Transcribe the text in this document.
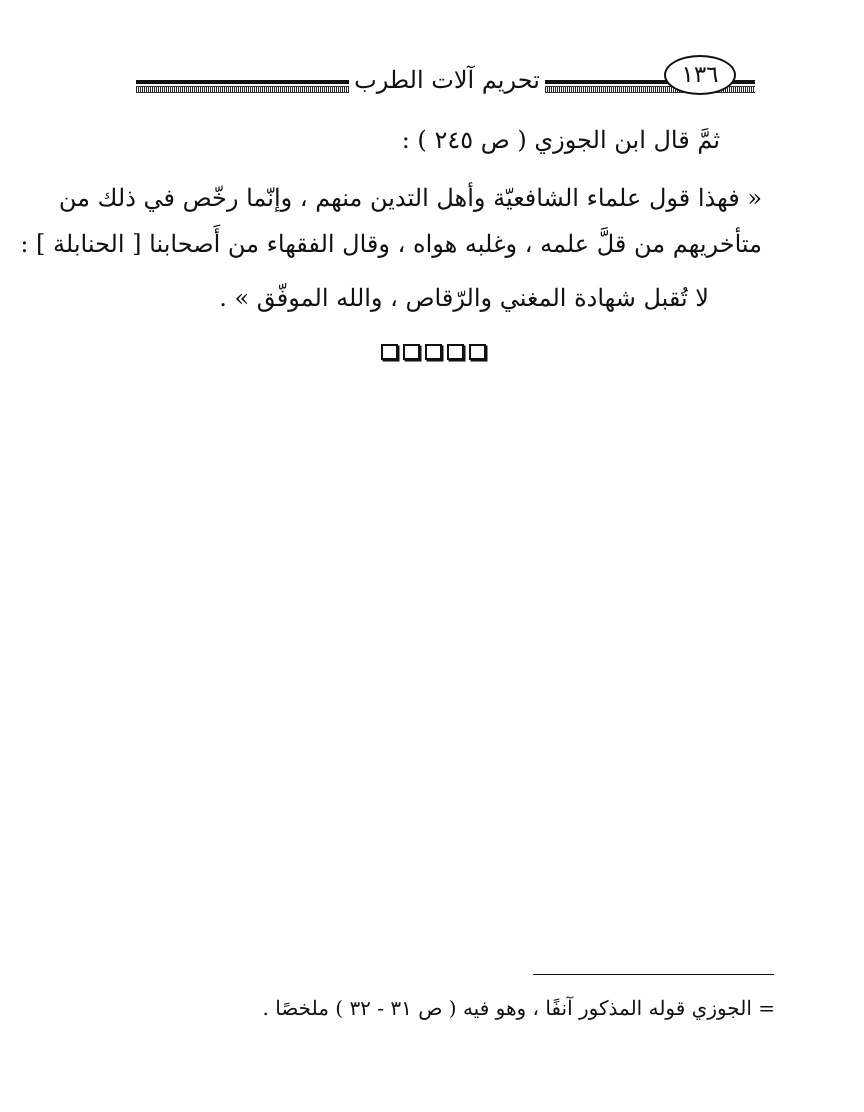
تحريم آلات الطرب	١٣٦
ثمَّ قال ابن الجوزي ( ص ٢٤٥ ) :
« فهذا قول علماء الشافعيّة وأهل التدين منهم ، وإنّما رخّص في ذلك من
متأخريهم من قلَّ علمه ، وغلبه هواه ، وقال الفقهاء من أَصحابنا [ الحنابلة ] :
لا تُقبل شهادة المغني والرّقاص ، والله الموفّق » .
= الجوزي قوله المذكور آنفًا ، وهو فيه ( ص ٣١ - ٣٢ ) ملخصًا .
